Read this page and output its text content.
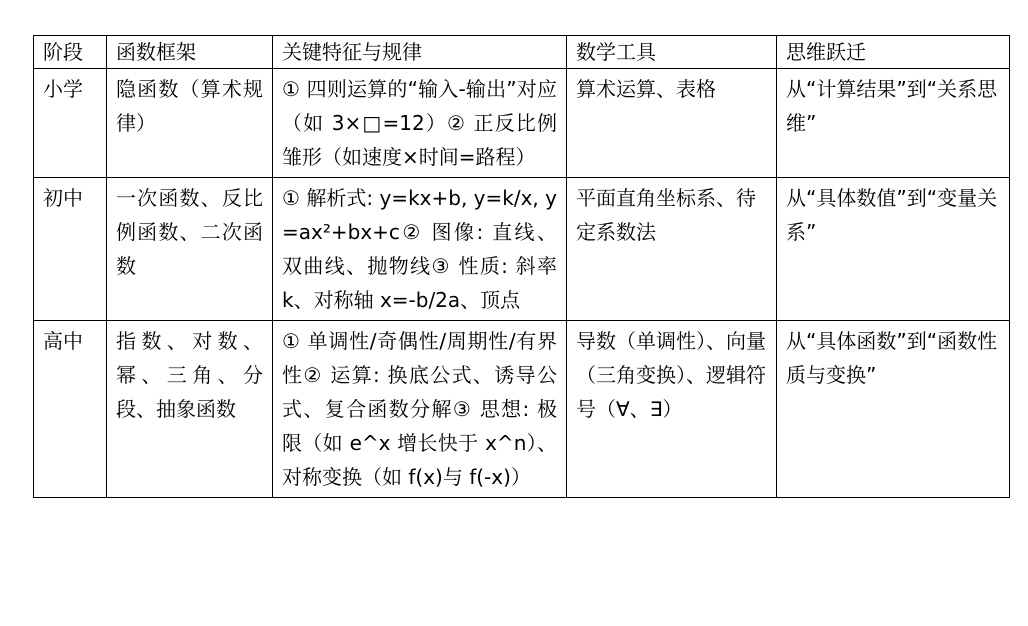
阶段	函数框架	关键特征与规律	数学工具	思维跃迁
小学	隐函数（算术规律）	① 四则运算的“输入-输出”对应（如 3×□=12）② 正反比例雏形（如速度×时间=路程）	算术运算、表格	从“计算结果”到“关系思维”
初中	一次函数、反比例函数、二次函数	① 解析式: y=kx+b, y=k/x, y=ax²+bx+c② 图像: 直线、双曲线、抛物线③ 性质: 斜率 k、对称轴 x=-b/2a、顶点	平面直角坐标系、待定系数法	从“具体数值”到“变量关系”
高中	指数、对数、幂、三角、分段、抽象函数	① 单调性/奇偶性/周期性/有界性② 运算: 换底公式、诱导公式、复合函数分解③ 思想: 极限（如 e^x 增长快于 x^n）、对称变换（如 f(x)与 f(-x)）	导数（单调性）、向量（三角变换）、逻辑符号（∀、∃）	从“具体函数”到“函数性质与变换”
